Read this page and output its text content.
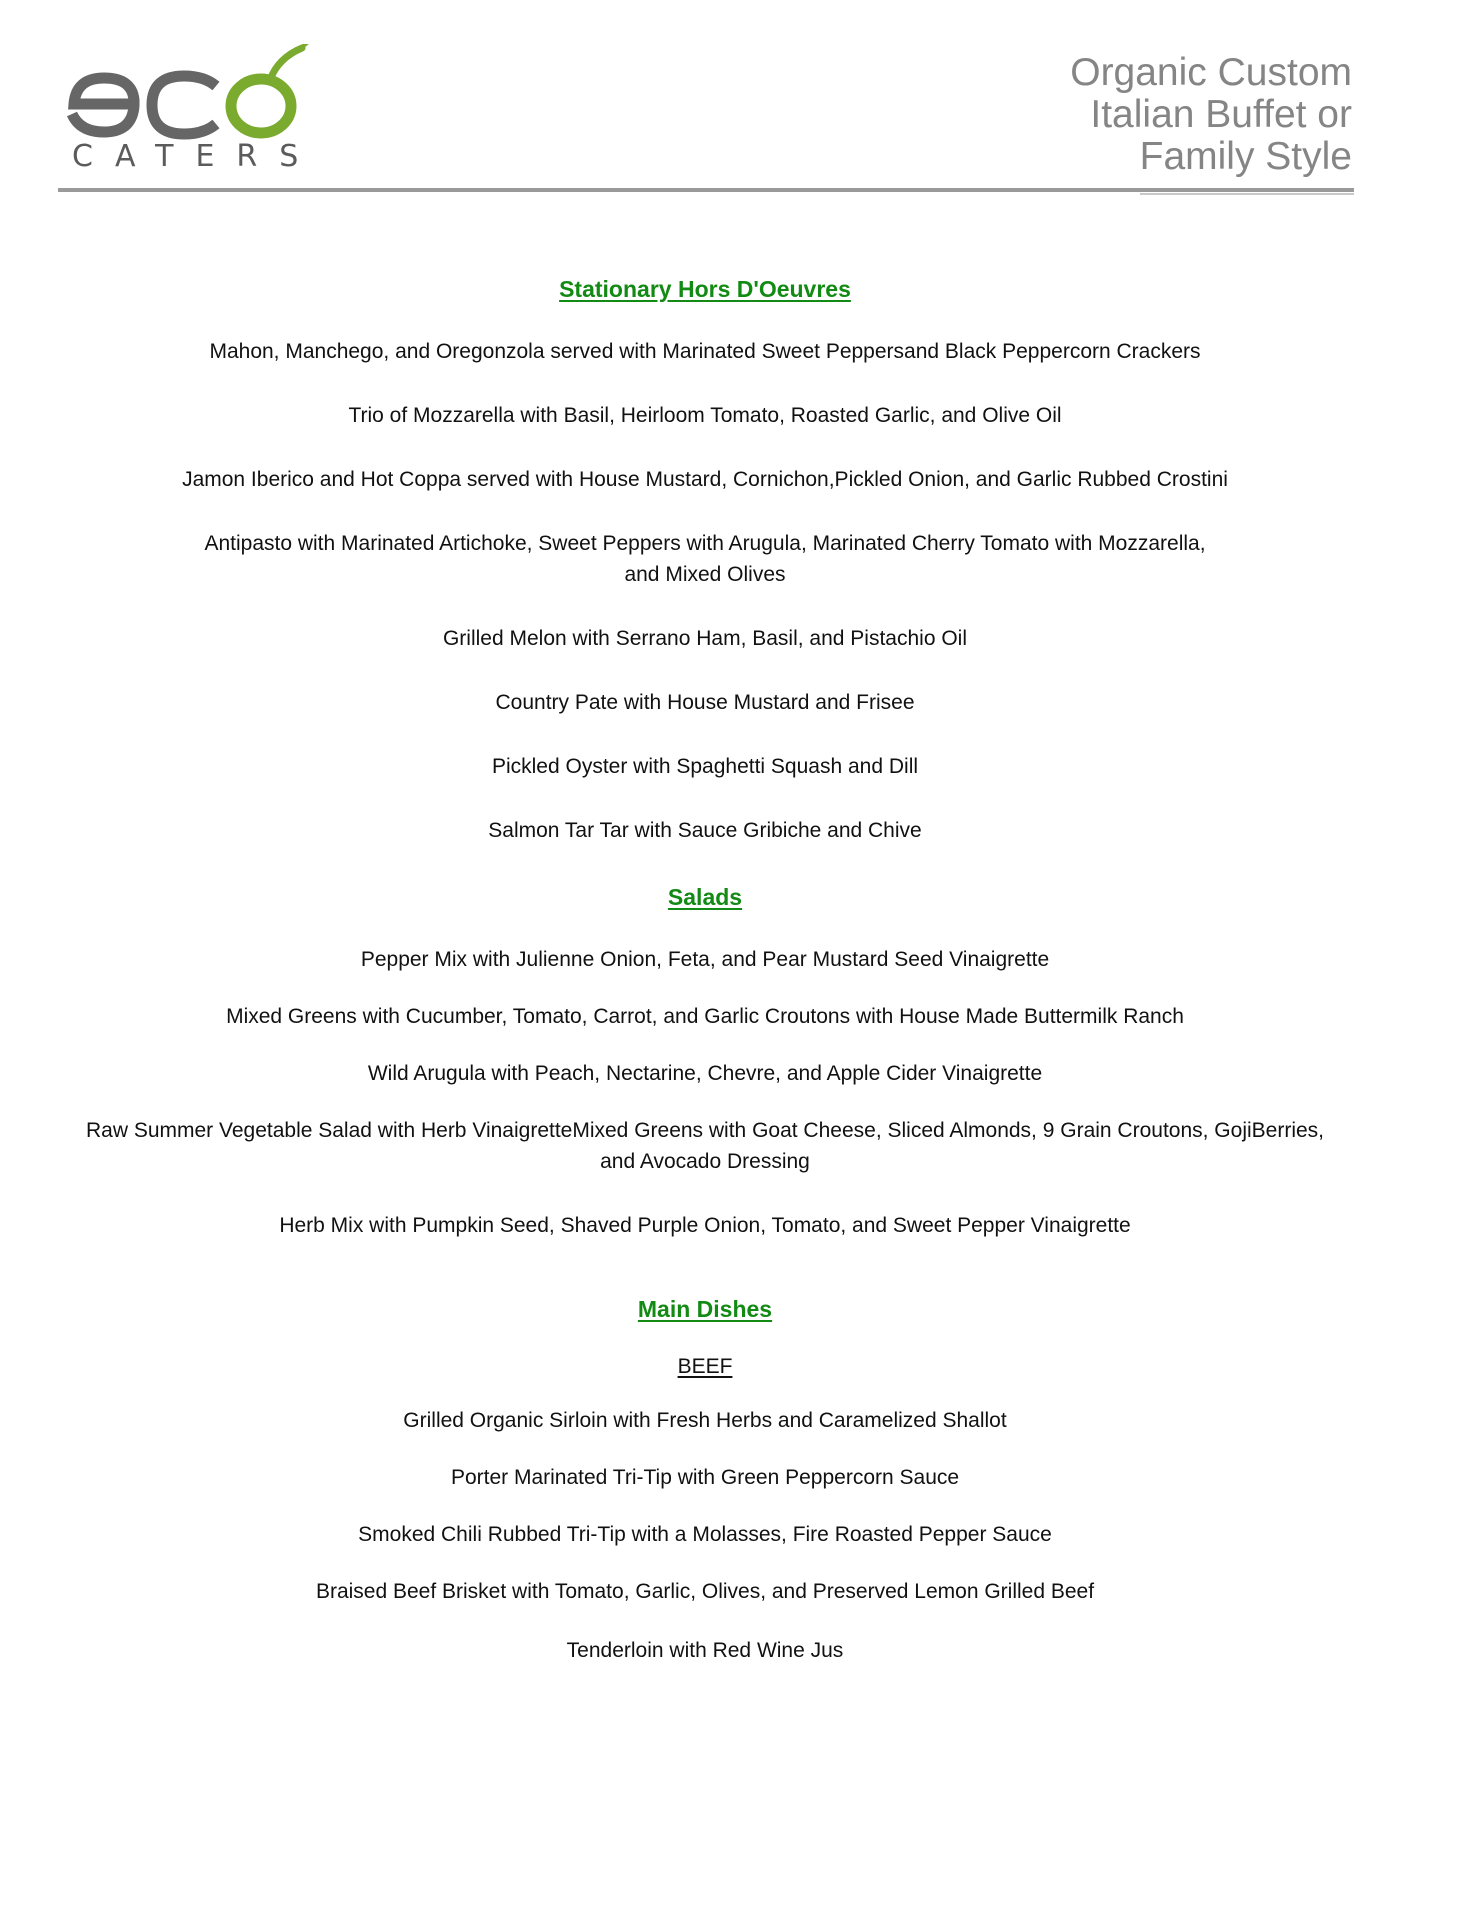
CATERS
Organic Custom
Italian Buffet or
Family Style
Stationary Hors D'Oeuvres
Mahon, Manchego, and Oregonzola served with Marinated Sweet Peppersand Black Peppercorn Crackers
Trio of Mozzarella with Basil, Heirloom Tomato, Roasted Garlic, and Olive Oil
Jamon Iberico and Hot Coppa served with House Mustard, Cornichon,Pickled Onion, and Garlic Rubbed Crostini
Antipasto with Marinated Artichoke, Sweet Peppers with Arugula, Marinated Cherry Tomato with Mozzarella,
and Mixed Olives
Grilled Melon with Serrano Ham, Basil, and Pistachio Oil
Country Pate with House Mustard and Frisee
Pickled Oyster with Spaghetti Squash and Dill
Salmon Tar Tar with Sauce Gribiche and Chive
Salads
Pepper Mix with Julienne Onion, Feta, and Pear Mustard Seed Vinaigrette
Mixed Greens with Cucumber, Tomato, Carrot, and Garlic Croutons with House Made Buttermilk Ranch
Wild Arugula with Peach, Nectarine, Chevre, and Apple Cider Vinaigrette
Raw Summer Vegetable Salad with Herb VinaigretteMixed Greens with Goat Cheese, Sliced Almonds, 9 Grain Croutons, GojiBerries,
and Avocado Dressing
Herb Mix with Pumpkin Seed, Shaved Purple Onion, Tomato, and Sweet Pepper Vinaigrette
Main Dishes
BEEF
Grilled Organic Sirloin with Fresh Herbs and Caramelized Shallot
Porter Marinated Tri-Tip with Green Peppercorn Sauce
Smoked Chili Rubbed Tri-Tip with a Molasses, Fire Roasted Pepper Sauce
Braised Beef Brisket with Tomato, Garlic, Olives, and Preserved Lemon Grilled Beef
Tenderloin with Red Wine Jus
